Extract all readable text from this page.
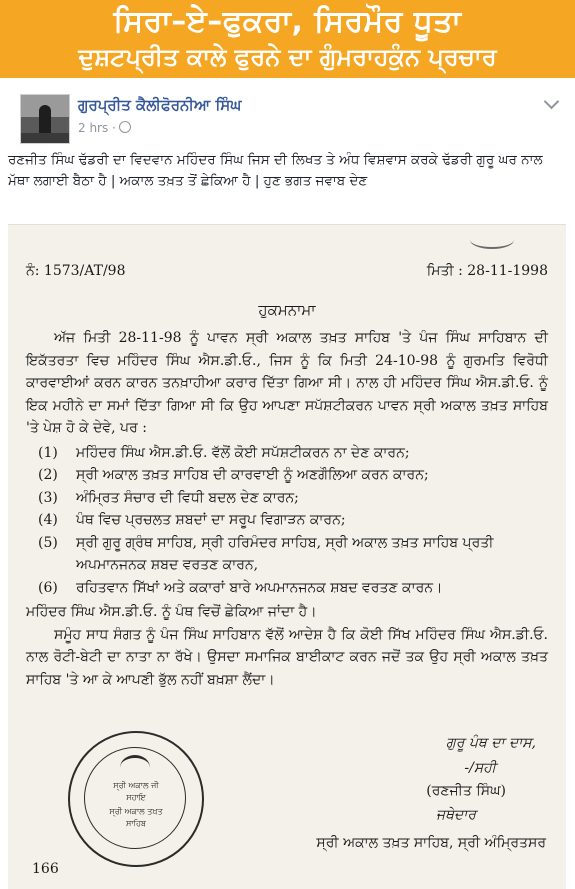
ਸਿਰਾ–ਏ–ਫੁਕਰਾ, ਸਿਰਮੌਰ ਧੂਤਾ
ਦੁਸ਼ਟਪ੍ਰੀਤ ਕਾਲੇ ਫੁਰਨੇ ਦਾ ਗੁੰਮਰਾਹਕੁੰਨ ਪ੍ਰਚਾਰ
ਗੁਰਪ੍ਰੀਤ ਕੈਲੀਫੋਰਨੀਆ ਸਿੰਘ
2 hrs ·
ਰਣਜੀਤ ਸਿੰਘ ਢੱਡਰੀ ਦਾ ਵਿਦਵਾਨ ਮਹਿੰਦਰ ਸਿੰਘ ਜਿਸ ਦੀ ਲਿਖਤ ਤੇ ਅੰਧ ਵਿਸ਼ਵਾਸ ਕਰਕੇ ਢੱਡਰੀ ਗੁਰੂ ਘਰ ਨਾਲ ਮੱਥਾ ਲਗਾਈ ਬੈਠਾ ਹੈ | ਅਕਾਲ ਤਖ਼ਤ ਤੋਂ ਛੇਕਿਆ ਹੈ | ਹੁਣ ਭਗਤ ਜਵਾਬ ਦੇਣ
ਨੰ: 1573/AT/98	ਮਿਤੀ : 28-11-1998
ਹੁਕਮਨਾਮਾ

ਅੱਜ ਮਿਤੀ 28-11-98 ਨੂੰ ਪਾਵਨ ਸ੍ਰੀ ਅਕਾਲ ਤਖ਼ਤ ਸਾਹਿਬ 'ਤੇ ਪੰਜ ਸਿੰਘ ਸਾਹਿਬਾਨ ਦੀ ਇਕੱਤਰਤਾ ਵਿਚ ਮਹਿੰਦਰ ਸਿੰਘ ਐਸ.ਡੀ.ਓ., ਜਿਸ ਨੂੰ ਕਿ ਮਿਤੀ 24-10-98 ਨੂੰ ਗੁਰਮਤਿ ਵਿਰੋਧੀ ਕਾਰਵਾਈਆਂ ਕਰਨ ਕਾਰਨ ਤਨਖ਼ਾਹੀਆ ਕਰਾਰ ਦਿੱਤਾ ਗਿਆ ਸੀ। ਨਾਲ ਹੀ ਮਹਿੰਦਰ ਸਿੰਘ ਐਸ.ਡੀ.ਓ. ਨੂੰ ਇਕ ਮਹੀਨੇ ਦਾ ਸਮਾਂ ਦਿੱਤਾ ਗਿਆ ਸੀ ਕਿ ਉਹ ਆਪਣਾ ਸਪੱਸ਼ਟੀਕਰਨ ਪਾਵਨ ਸ੍ਰੀ ਅਕਾਲ ਤਖ਼ਤ ਸਾਹਿਬ 'ਤੇ ਪੇਸ਼ ਹੋ ਕੇ ਦੇਵੇ, ਪਰ :

(1) ਮਹਿੰਦਰ ਸਿੰਘ ਐਸ.ਡੀ.ਓ. ਵੱਲੋਂ ਕੋਈ ਸਪੱਸ਼ਟੀਕਰਨ ਨਾ ਦੇਣ ਕਾਰਨ;
(2) ਸ੍ਰੀ ਅਕਾਲ ਤਖ਼ਤ ਸਾਹਿਬ ਦੀ ਕਾਰਵਾਈ ਨੂੰ ਅਣਗੌਲਿਆ ਕਰਨ ਕਾਰਨ;
(3) ਅੰਮ੍ਰਿਤ ਸੰਚਾਰ ਦੀ ਵਿਧੀ ਬਦਲ ਦੇਣ ਕਾਰਨ;
(4) ਪੰਥ ਵਿਚ ਪ੍ਰਚਲਤ ਸ਼ਬਦਾਂ ਦਾ ਸਰੂਪ ਵਿਗਾੜਨ ਕਾਰਨ;
(5) ਸ੍ਰੀ ਗੁਰੂ ਗ੍ਰੰਥ ਸਾਹਿਬ, ਸ੍ਰੀ ਹਰਿਮੰਦਰ ਸਾਹਿਬ, ਸ੍ਰੀ ਅਕਾਲ ਤਖ਼ਤ ਸਾਹਿਬ ਪ੍ਰਤੀ ਅਪਮਾਨਜਨਕ ਸ਼ਬਦ ਵਰਤਣ ਕਾਰਨ,
(6) ਰਹਿਤਵਾਨ ਸਿੱਖਾਂ ਅਤੇ ਕਕਾਰਾਂ ਬਾਰੇ ਅਪਮਾਨਜਨਕ ਸ਼ਬਦ ਵਰਤਣ ਕਾਰਨ।

ਮਹਿੰਦਰ ਸਿੰਘ ਐਸ.ਡੀ.ਓ. ਨੂੰ ਪੰਥ ਵਿਚੋਂ ਛੇਕਿਆ ਜਾਂਦਾ ਹੈ।

ਸਮੂੰਹ ਸਾਧ ਸੰਗਤ ਨੂੰ ਪੰਜ ਸਿੰਘ ਸਾਹਿਬਾਨ ਵੱਲੋਂ ਆਦੇਸ਼ ਹੈ ਕਿ ਕੋਈ ਸਿੱਖ ਮਹਿੰਦਰ ਸਿੰਘ ਐਸ.ਡੀ.ਓ. ਨਾਲ ਰੋਟੀ-ਬੇਟੀ ਦਾ ਨਾਤਾ ਨਾ ਰੱਖੇ। ਉਸਦਾ ਸਮਾਜਿਕ ਬਾਈਕਾਟ ਕਰਨ ਜਦੋਂ ਤਕ ਉਹ ਸ੍ਰੀ ਅਕਾਲ ਤਖ਼ਤ ਸਾਹਿਬ 'ਤੇ ਆ ਕੇ ਆਪਣੀ ਭੁੱਲ ਨਹੀਂ ਬਖ਼ਸ਼ਾ ਲੈਂਦਾ।

ਗੁਰੂ ਪੰਥ ਦਾ ਦਾਸ,
-/ਸਹੀ
(ਰਣਜੀਤ ਸਿੰਘ)
ਜਥੇਦਾਰ
ਸ੍ਰੀ ਅਕਾਲ ਤਖ਼ਤ ਸਾਹਿਬ, ਸ੍ਰੀ ਅੰਮ੍ਰਿਤਸਰ
ਸ੍ਰੀ ਅਕਾਲ ਜੀ
ਸਹਾਇ
ਸ੍ਰੀ ਅਕਾਲ ਤਖ਼ਤ
ਸਾਹਿਬ
166
